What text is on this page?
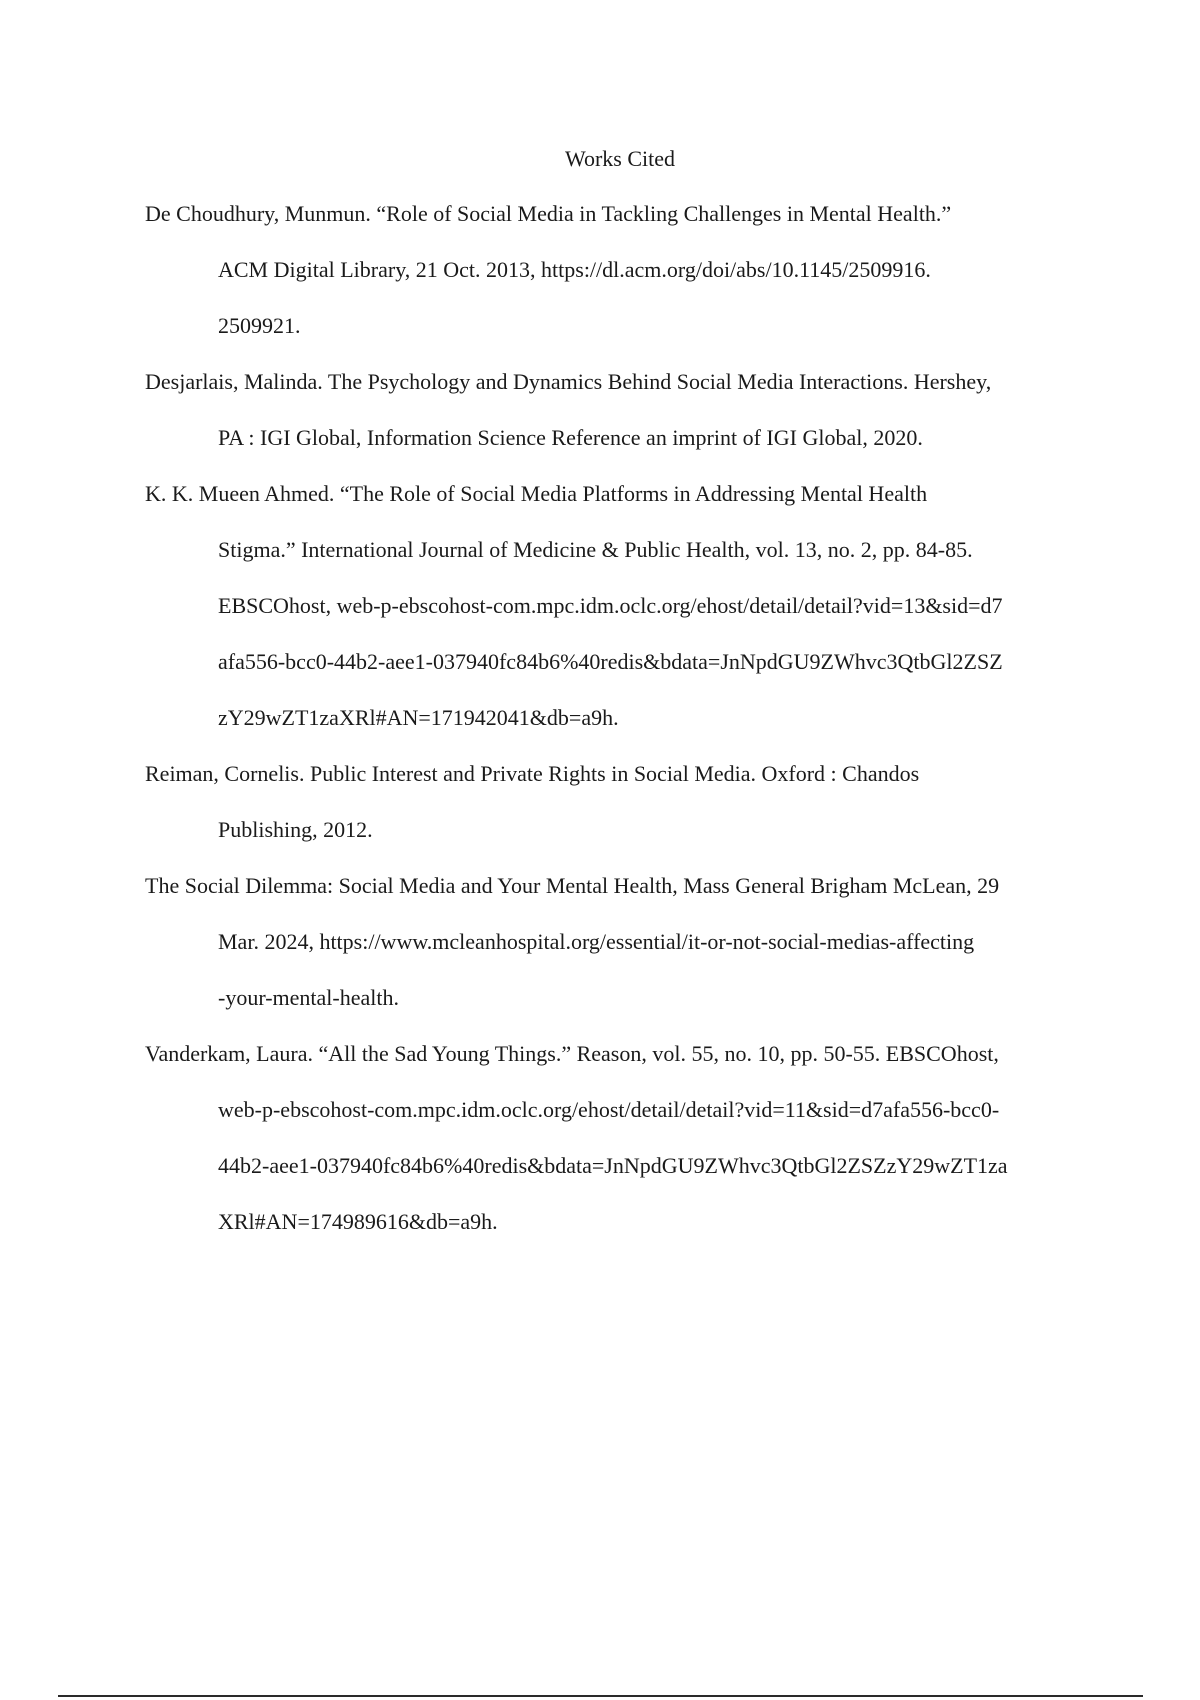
Works Cited
De Choudhury, Munmun. “Role of Social Media in Tackling Challenges in Mental Health.”
ACM Digital Library, 21 Oct. 2013, https://dl.acm.org/doi/abs/10.1145/2509916.
2509921.
Desjarlais, Malinda. The Psychology and Dynamics Behind Social Media Interactions. Hershey,
PA : IGI Global, Information Science Reference an imprint of IGI Global, 2020.
K. K. Mueen Ahmed. “The Role of Social Media Platforms in Addressing Mental Health
Stigma.” International Journal of Medicine & Public Health, vol. 13, no. 2, pp. 84-85.
EBSCOhost, web-p-ebscohost-com.mpc.idm.oclc.org/ehost/detail/detail?vid=13&sid=d7
afa556-bcc0-44b2-aee1-037940fc84b6%40redis&bdata=JnNpdGU9ZWhvc3QtbGl2ZSZ
zY29wZT1zaXRl#AN=171942041&db=a9h.
Reiman, Cornelis. Public Interest and Private Rights in Social Media. Oxford : Chandos
Publishing, 2012.
The Social Dilemma: Social Media and Your Mental Health, Mass General Brigham McLean, 29
Mar. 2024, https://www.mcleanhospital.org/essential/it-or-not-social-medias-affecting
-your-mental-health.
Vanderkam, Laura. “All the Sad Young Things.” Reason, vol. 55, no. 10, pp. 50-55. EBSCOhost,
web-p-ebscohost-com.mpc.idm.oclc.org/ehost/detail/detail?vid=11&sid=d7afa556-bcc0-
44b2-aee1-037940fc84b6%40redis&bdata=JnNpdGU9ZWhvc3QtbGl2ZSZzY29wZT1za
XRl#AN=174989616&db=a9h.
